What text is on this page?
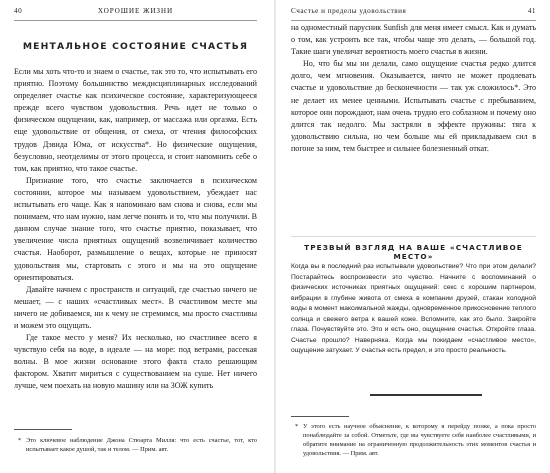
40	ХОРОШИЕ ЖИЗНИ
МЕНТАЛЬНОЕ СОСТОЯНИЕ СЧАСТЬЯ

Если мы хоть что-то и знаем о счастье, так это то, что испытывать его приятно. Поэтому большинство междисциплинарных исследований определяет счастье как психическое состояние, характеризующееся прежде всего чувством удовольствия. Речь идет не только о физическом ощущении, как, например, от массажа или оргазма. Есть еще удовольствие от общения, от смеха, от чтения философских трудов Дэвида Юма, от искусства*. Но физические ощущения, безусловно, неотделимы от этого процесса, и стоит напомнить себе о том, как приятно, что такое счастье.

Признание того, что счастье заключается в психическом состоянии, которое мы называем удовольствием, убеждает нас испытывать его чаще. Как я напоминаю вам снова и снова, если мы понимаем, что нам нужно, нам легче понять и то, что мы получили. В данном случае знание того, что счастье приятно, показывает, что увеличение числа приятных ощущений возвеличивает количество счастья. Наоборот, размышление о вещах, которые не приносят удовольствия мы, стартовать с этого и мы на это ощущение ориентироваться.

Давайте начнем с пространств и ситуаций, где счастью ничего не мешает, — с наших «счастливых мест». В счастливом месте мы ничего не добиваемся, ни к чему не стремимся, мы просто счастливы и можем это ощущать.

Где такое место у меня? Их несколько, но счастливее всего я чувствую себя на воде, в идеале — на море: под ветрами, рассекая волны. В мое жизни основание этого факта стало решающим фактором. Хватит мириться с существованием на суше. Нет ничего лучше, чем поехать на новую машину или на ЗОЖ купить

* Это ключевое наблюдение Джона Стюарта Милля: что есть счастье, тот, кто испытывает какое душой, так и телом. — Прим. авт.
Счастье и пределы удовольствия	41

на одноместный парусник Sunfish для меня имеет смысл. Как и думать о том, как устроить все так, чтобы чаще это делать, — большой год. Такие шаги увеличат вероятность моего счастья в жизни.

Но, что бы мы ни делали, само ощущение счастья редко длится долго, чем мгновения. Оказывается, ничто не может продлевать счастье и удовольствие до бесконечности — так уж сложилось*. Это не делает их менее ценными. Испытывать счастье с пребыванием, которое они порождают, нам очень трудно его соблазном и почему оно длится так недолго. Мы застряли в эффекте пружины: тяга к удовольствию сильна, но чем больше мы ей прикладываем сил в погоне за ним, тем быстрее и сильнее болезненный откат.

ТРЕЗВЫЙ ВЗГЛЯД НА ВАШЕ «СЧАСТЛИВОЕ МЕСТО»

Когда вы в последний раз испытывали удовольствие? Что при этом делали? Постарайтесь воспроизвести это чувство. Начните с воспоминаний о физических источниках приятных ощущений: секс с хорошим партнером, вибрации в глубине живота от смеха в компании друзей, стакан холодной воды в момент максимальной жажды, одновременное прикосновение теплого солнца и свежего ветра к вашей коже. Вспомните, как это было. Закройте глаза. Почувствуйте это. Это и есть оно, ощущение счастья. Откройте глаза. Счастье прошло? Наверняка. Когда мы покидаем «счастливое место», ощущение затухает. У счастья есть предел, и это просто реальность.

* У этого есть научное объяснение, к которому я перейду позже, а пока просто понаблюдайте за собой. Отметьте, где вы чувствуете себя наиболее счастливыми, и обратите внимание на ограниченную продолжительность этих моментов счастья и удовольствия. — Прим. авт.
